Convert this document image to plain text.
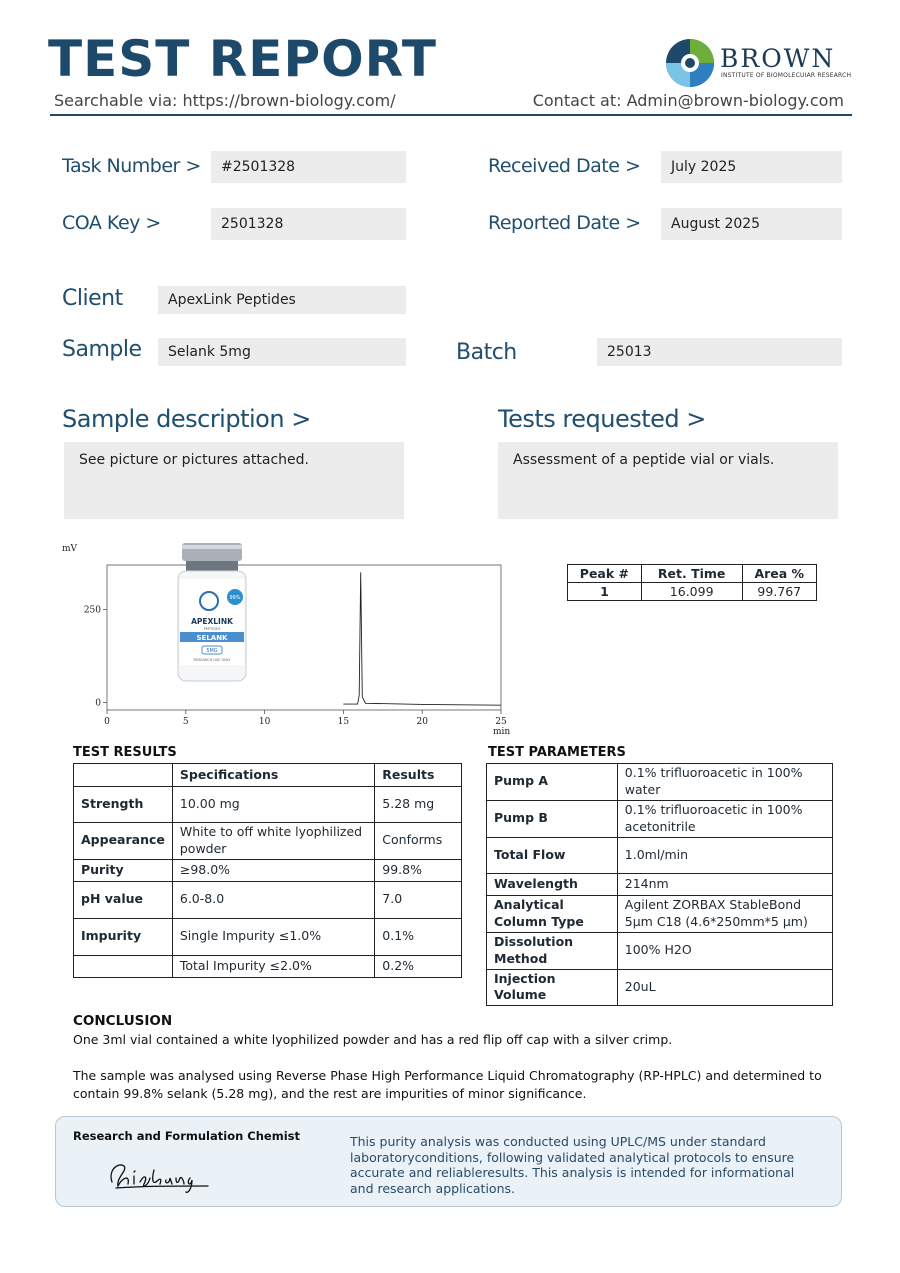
TEST REPORT
Searchable via: https://brown-biology.com/	Contact at: Admin@brown-biology.com
BROWN
INSTITUTE OF BIOMOLECUIAR RESEARCH
Task Number >	#2501328	Received Date >	July 2025
COA Key >	2501328	Reported Date >	August 2025
Client	ApexLink Peptides
Sample	Selank 5mg	Batch	25013
Sample description >
See picture or pictures attached.
Tests requested >
Assessment of a peptide vial or vials.
mV
min
0	5	10	15	20	25
0
250
99%
APEXLINK
PEPTIDES
SELANK
5MG
RESEARCH USE ONLY
Peak #	Ret. Time	Area %
1	16.099	99.767
TEST RESULTS
	Specifications	Results
Strength	10.00 mg	5.28 mg
Appearance	White to off white lyophilized powder	Conforms
Purity	≥98.0%	99.8%
pH value	6.0-8.0	7.0
Impurity	Single Impurity ≤1.0%	0.1%
	Total Impurity ≤2.0%	0.2%
TEST PARAMETERS
Pump A	0.1% trifluoroacetic in 100% water
Pump B	0.1% trifluoroacetic in 100% acetonitrile
Total Flow	1.0ml/min
Wavelength	214nm
Analytical Column Type	Agilent ZORBAX StableBond 5μm C18 (4.6*250mm*5 μm)
Dissolution Method	100% H2O
Injection Volume	20uL
CONCLUSION
One 3ml vial contained a white lyophilized powder and has a red flip off cap with a silver crimp.
The sample was analysed using Reverse Phase High Performance Liquid Chromatography (RP-HPLC) and determined to contain 99.8% selank (5.28 mg), and the rest are impurities of minor significance.
Research and Formulation Chemist	This purity analysis was conducted using UPLC/MS under standard laboratoryconditions, following validated analytical protocols to ensure accurate and reliableresults. This analysis is intended for informational and research applications.
